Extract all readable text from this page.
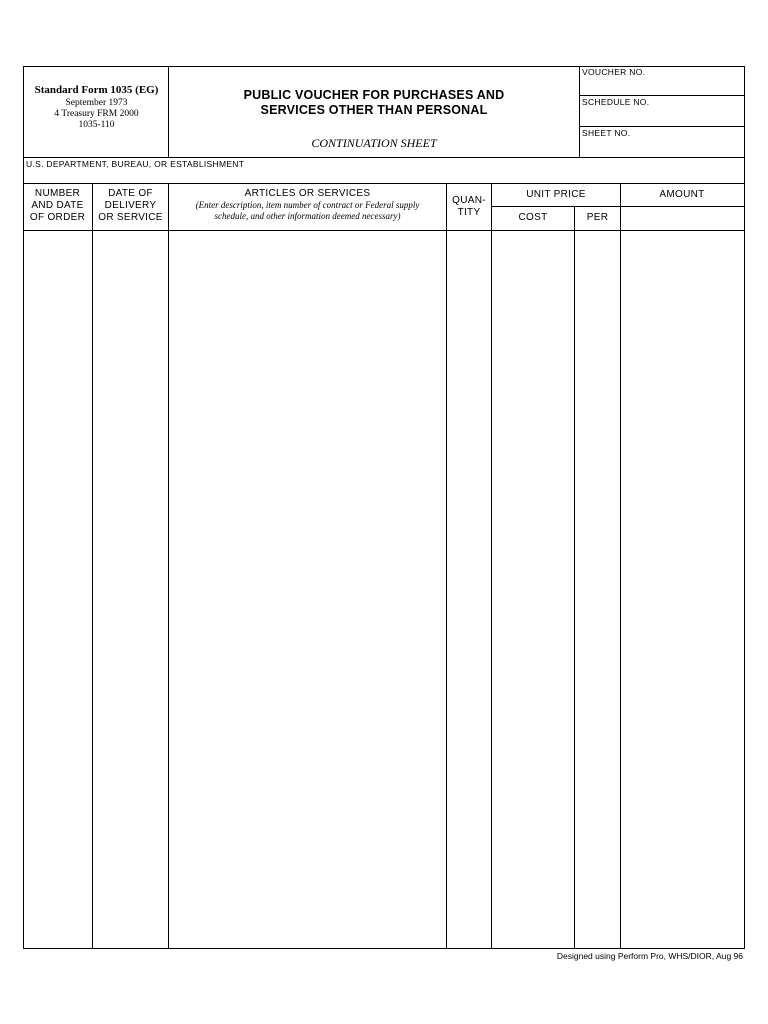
Standard Form 1035 (EG)
September 1973
4 Treasury FRM 2000
1035-110
PUBLIC VOUCHER FOR PURCHASES AND
SERVICES OTHER THAN PERSONAL
CONTINUATION SHEET
VOUCHER NO.
SCHEDULE NO.
SHEET NO.
U.S. DEPARTMENT, BUREAU, OR ESTABLISHMENT
NUMBER
AND DATE
OF ORDER
DATE OF
DELIVERY
OR SERVICE
ARTICLES OR SERVICES
(Enter description, item number of contract or Federal supply
schedule, and other information deemed necessary)
QUAN-
TITY
UNIT PRICE
COST	PER
AMOUNT
Designed using Perform Pro, WHS/DIOR, Aug 96
